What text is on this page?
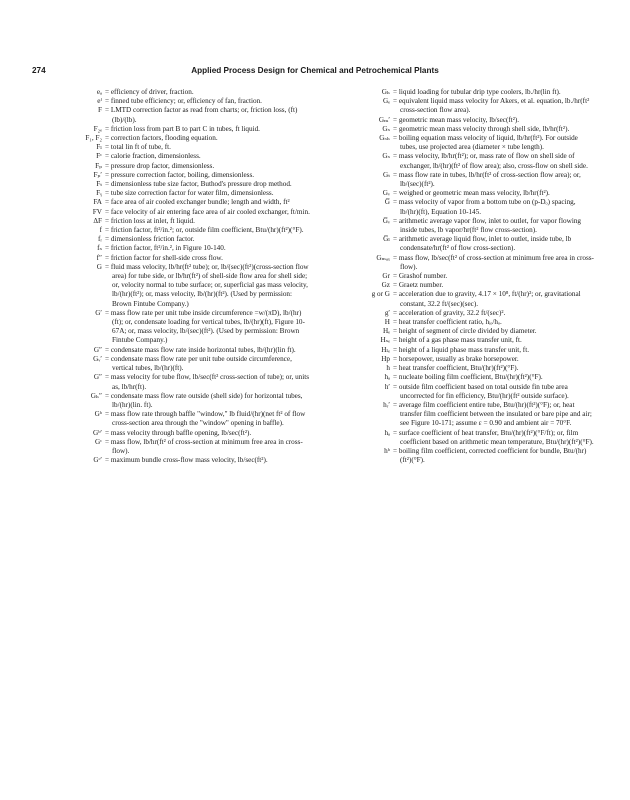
274	Applied Process Design for Chemical and Petrochemical Plants
eₐ = efficiency of driver, fraction.
eᶠ = finned tube efficiency; or, efficiency of fan, fraction.
F = LMTD correction factor as read from charts; or, friction loss, (ft)(lb)/(lb).
F₂ₑ = friction loss from part B to part C in tubes, ft liquid.
F₁, F₂ = correction factors, flooding equation.
Fₗ = total lin ft of tube, ft.
Fᶜ = calorie fraction, dimensionless.
Fₚ = pressure drop factor, dimensionless.
Fₚ′ = pressure correction factor, boiling, dimensionless.
Fₜ = dimensionless tube size factor, Buthod's pressure drop method.
Fᵧ = tube size correction factor for water film, dimensionless.
FA = face area of air cooled exchanger bundle; length and width, ft²
FV = face velocity of air entering face area of air cooled exchanger, ft/min.
ΔF = friction loss at inlet, ft liquid.
f = friction factor, ft²/in.²; or, outside film coefficient, Btu/(hr)(ft²)(°F).
fᵣ = dimensionless friction factor.
fₛ = friction factor, ft²/in.², in Figure 10-140.
f″ = friction factor for shell-side cross flow.
G = fluid mass velocity, lb/hr(ft² tube); or, lb/(sec)(ft²)(cross-section flow area) for tube side, or lb/hr(ft²) of shell-side flow area for shell side; or, velocity normal to tube surface; or, superficial gas mass velocity, lb/(hr)(ft²); or, mass velocity, lb/(hr)(ft²). (Used by permission: Brown Fintube Company.)
G′ = mass flow rate per unit tube inside circumference =w/(πD), lb/(hr)(ft); or, condensate loading for vertical tubes, lb/(hr)(ft), Figure 10-67A; or, mass velocity, lb/(sec)(ft²). (Used by permission: Brown Fintube Company.)
G″ = condensate mass flow rate inside horizontal tubes, lb/(hr)(lin ft).
Gᵥ′ = condensate mass flow rate per unit tube outside circumference, vertical tubes, lb/(hr)(ft).
G″ = mass velocity for tube flow, lb/sec(ft² cross-section of tube); or, units as, lb/hr(ft).
Gₕ″ = condensate mass flow rate outside (shell side) for horizontal tubes, lb/(hr)(lin. ft).
Gᵇ = mass flow rate through baffle "window," lb fluid/(hr)(net ft² of flow cross-section area through the "window" opening in baffle).
Gᵇ′ = mass velocity through baffle opening, lb/sec(ft²).
Gᶜ = mass flow, lb/hr(ft² of cross-section at minimum free area in cross-flow).
Gᶜ′ = maximum bundle cross-flow mass velocity, lb/sec(ft²).
Gₕ = liquid loading for tubular drip type coolers, lb./hr(lin ft).
Gₑ = equivalent liquid mass velocity for Akers, et al. equation, lb./hr(ft² cross-section flow area).
Gₘ′ = geometric mean mass velocity, lb/sec(ft²).
Gₛ = geometric mean mass velocity through shell side, lb/hr(ft²).
Gₛₕ = boiling equation mass velocity of liquid, lb/hr(ft²). For outside tubes, use projected area (diameter × tube length).
Gₛ = mass velocity, lb/hr(ft²); or, mass rate of flow on shell side of exchanger, lb/(hr)(ft² of flow area); also, cross-flow on shell side.
Gₜ = mass flow rate in tubes, lb/hr(ft² of cross-section flow area); or, lb/(sec)(ft²).
Gᵥ = weighed or geometric mean mass velocity, lb/hr(ft²).
G̅ = mass velocity of vapor from a bottom tube on (p-Dₒ) spacing, lb/(hr)(ft), Equation 10-145.
G̅ᵥ = arithmetic average vapor flow, inlet to outlet, for vapor flowing inside tubes, lb vapor/hr(ft² flow cross-section).
G̅ₗ = arithmetic average liquid flow, inlet to outlet, inside tube, lb condensate/hr(ft² of flow cross-section).
Gₘₐₓ = mass flow, lb/sec(ft² of cross-section at minimum free area in cross-flow).
Gr = Grashof number.
Gz = Graetz number.
g or G = acceleration due to gravity, 4.17 × 10⁸, ft/(hr)²; or, gravitational constant, 32.2 ft/(sec)(sec).
g′ = acceleration of gravity, 32.2 ft/(sec)².
H = heat transfer coefficient ratio, hᵢₒ/hₒ.
Hₑ = height of segment of circle divided by diameter.
Hₛₑ = height of a gas phase mass transfer unit, ft.
Hₗₑ = height of a liquid phase mass transfer unit, ft.
Hp = horsepower, usually as brake horsepower.
h = heat transfer coefficient, Btu/(hr)(ft²)(°F).
hₐ = nucleate boiling film coefficient, Btu/(hr)(ft²)(°F).
h′ = outside film coefficient based on total outside fin tube area uncorrected for fin efficiency, Btu/(hr)(ft² outside surface).
hᵣ′ = average film coefficient entire tube, Btu/(hr)(ft²)(°F); or, heat transfer film coefficient between the insulated or bare pipe and air; see Figure 10-171; assume ε = 0.90 and ambient air = 70°F.
hₐ = surface coefficient of heat transfer, Btu/(hr)(ft²)(°F/ft); or, film coefficient based on arithmetic mean temperature, Btu/(hr)(ft²)(°F).
hᵇ = boiling film coefficient, corrected coefficient for bundle, Btu/(hr)(ft²)(°F).
